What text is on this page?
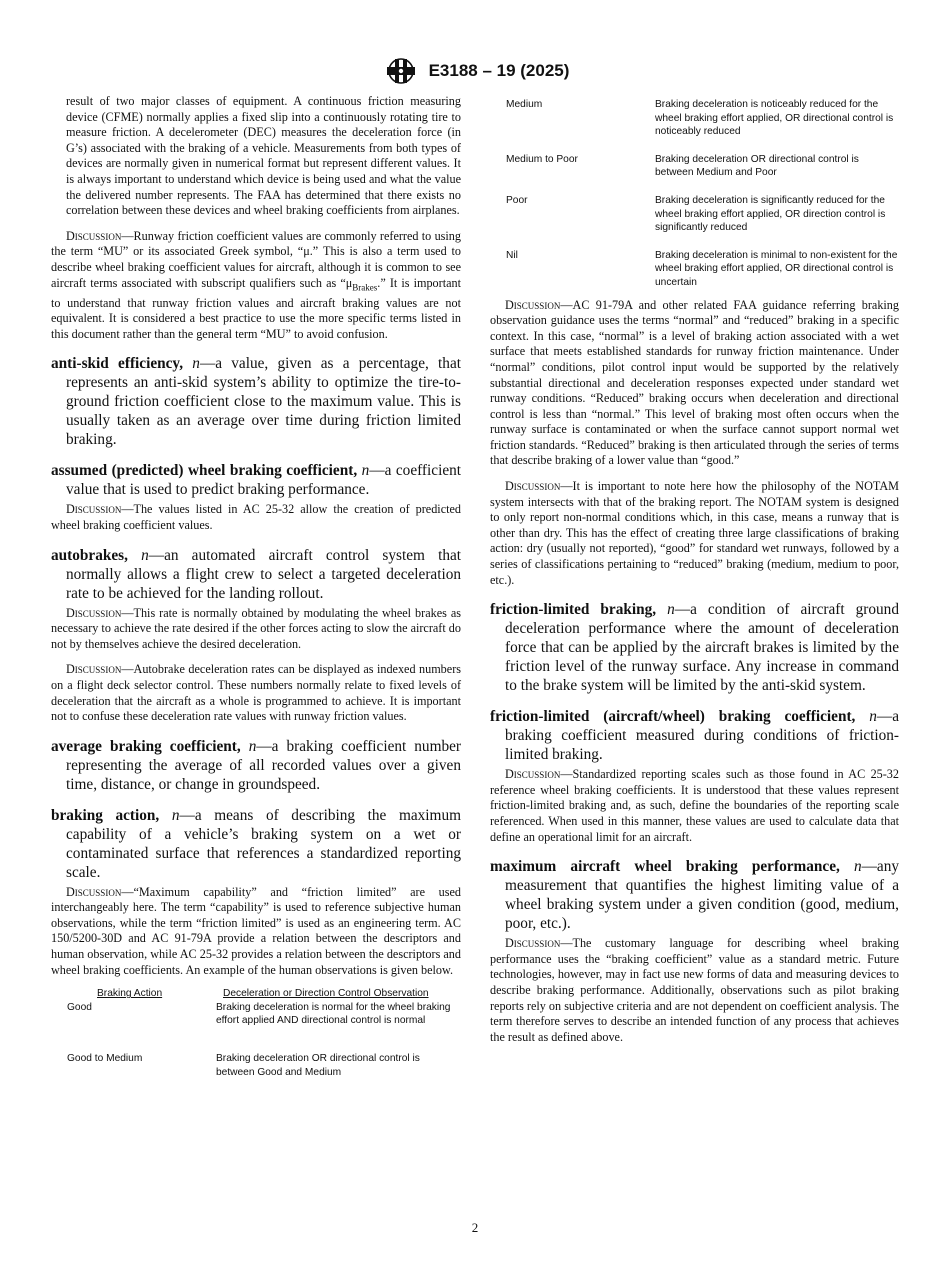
E3188 – 19 (2025)

result of two major classes of equipment. A continuous friction measuring device (CFME) normally applies a fixed slip into a continuously rotating tire to measure friction. A decelerometer (DEC) measures the deceleration force (in G’s) associated with the braking of a vehicle. Measurements from both types of devices are normally given in numerical format but represent different values. It is always important to understand which device is being used and what the value the delivered number represents. The FAA has determined that there exists no correlation between these devices and wheel braking coefficients from airplanes.

Discussion—Runway friction coefficient values are commonly referred to using the term “MU” or its associated Greek symbol, “μ.” This is also a term used to describe wheel braking coefficient values for aircraft, although it is common to see aircraft terms associated with subscript qualifiers such as “$\mu_{Brakes}$.” It is important to understand that runway friction values and aircraft braking values are not equivalent. It is considered a best practice to use the more specific terms listed in this document rather than the general term “MU” to avoid confusion.

anti-skid efficiency, n—a value, given as a percentage, that represents an anti-skid system’s ability to optimize the tire-to-ground friction coefficient close to the maximum value. This is usually taken as an average over time during friction limited braking.

assumed (predicted) wheel braking coefficient, n—a coefficient value that is used to predict braking performance.

Discussion—The values listed in AC 25-32 allow the creation of predicted wheel braking coefficient values.

autobrakes, n—an automated aircraft control system that normally allows a flight crew to select a targeted deceleration rate to be achieved for the landing rollout.

Discussion—This rate is normally obtained by modulating the wheel brakes as necessary to achieve the rate desired if the other forces acting to slow the aircraft do not by themselves achieve the desired deceleration.

Discussion—Autobrake deceleration rates can be displayed as indexed numbers on a flight deck selector control. These numbers normally relate to fixed levels of deceleration that the aircraft as a whole is programmed to achieve. It is important not to confuse these deceleration rate values with runway friction values.

average braking coefficient, n—a braking coefficient number representing the average of all recorded values over a given time, distance, or change in groundspeed.

braking action, n—a means of describing the maximum capability of a vehicle’s braking system on a wet or contaminated surface that references a standardized reporting scale.

Discussion—“Maximum capability” and “friction limited” are used interchangeably here. The term “capability” is used to reference subjective human observations, while the term “friction limited” is used as an engineering term. AC 150/5200-30D and AC 91-79A provide a relation between the descriptors and human observation, while AC 25-32 provides a relation between the descriptors and wheel braking coefficients. An example of the human observations is given below.

Braking Action	Deceleration or Direction Control Observation
Good	Braking deceleration is normal for the wheel braking effort applied AND directional control is normal
Good to Medium	Braking deceleration OR directional control is between Good and Medium
Medium	Braking deceleration is noticeably reduced for the wheel braking effort applied, OR directional control is noticeably reduced
Medium to Poor	Braking deceleration OR directional control is between Medium and Poor
Poor	Braking deceleration is significantly reduced for the wheel braking effort applied, OR direction control is significantly reduced
Nil	Braking deceleration is minimal to non-existent for the wheel braking effort applied, OR directional control is uncertain

Discussion—AC 91-79A and other related FAA guidance referring braking observation guidance uses the terms “normal” and “reduced” braking in a specific context. In this case, “normal” is a level of braking action associated with a wet surface that meets established standards for runway friction maintenance. Under “normal” conditions, pilot control input would be supported by the relatively substantial directional and deceleration responses expected under standard wet runway conditions. “Reduced” braking occurs when deceleration and directional control is less than “normal.” This level of braking most often occurs when the runway surface is contaminated or when the surface cannot support normal wet friction standards. “Reduced” braking is then articulated through the series of terms that describe braking of a lower value than “good.”

Discussion—It is important to note here how the philosophy of the NOTAM system intersects with that of the braking report. The NOTAM system is designed to only report non-normal conditions which, in this case, means a runway that is other than dry. This has the effect of creating three large classifications of braking action: dry (usually not reported), “good” for standard wet runways, followed by a series of classifications pertaining to “reduced” braking (medium, medium to poor, etc.).

friction-limited braking, n—a condition of aircraft ground deceleration performance where the amount of deceleration force that can be applied by the aircraft brakes is limited by the friction level of the runway surface. Any increase in command to the brake system will be limited by the anti-skid system.

friction-limited (aircraft/wheel) braking coefficient, n—a braking coefficient measured during conditions of friction-limited braking.

Discussion—Standardized reporting scales such as those found in AC 25-32 reference wheel braking coefficients. It is understood that these values represent friction-limited braking and, as such, define the boundaries of the reporting scale referenced. When used in this manner, these values are used to calculate data that define an operational limit for an aircraft.

maximum aircraft wheel braking performance, n—any measurement that quantifies the highest limiting value of a wheel braking system under a given condition (good, medium, poor, etc.).

Discussion—The customary language for describing wheel braking performance uses the “braking coefficient” value as a standard metric. Future technologies, however, may in fact use new forms of data and measuring devices to describe braking performance. Additionally, observations such as pilot braking reports rely on subjective criteria and are not dependent on coefficient analysis. The term therefore serves to describe an intended function of any process that achieves the result as defined above.

2
